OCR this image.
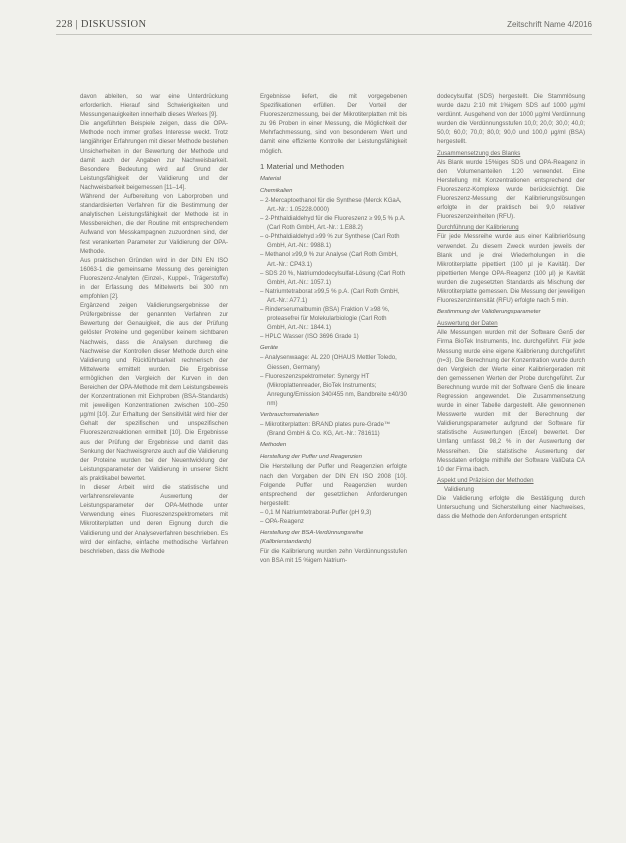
228 | DISKUSSION	Zeitschrift Name 4/2016

davon ableiten, so war eine Unterdrückung erforderlich. Hierauf sind Schwierigkeiten und Messungenauigkeiten innerhalb dieses Werkes [9].

Die angeführten Beispiele zeigen, dass die OPA-Methode noch immer großes Interesse weckt. Trotz langjähriger Erfahrungen mit dieser Methode bestehen Unsicherheiten in der Bewertung der Methode und damit auch der Angaben zur Nachweisbarkeit. Besondere Bedeutung wird auf Grund der Leistungsfähigkeit der Validierung und der Nachweisbarkeit beigemessen [11–14].

Während der Aufbereitung von Laborproben und standardisierten Verfahren für die Bestimmung der analytischen Leistungsfähigkeit der Methode ist in Messbereichen, die der Routine mit entsprechendem Aufwand von Messkampagnen zuzuordnen sind, der fest verankerten Parameter zur Validierung der OPA-Methode.

Aus praktischen Gründen wird in der DIN EN ISO 16063-1 die gemeinsame Messung des gereinigten Fluoreszenz-Analyten (Einzel-, Kuppel-, Trägerstoffe) in der Erfassung des Mittelwerts bei 300 nm empfohlen [2].

Ergänzend zeigen Validierungsergebnisse der Prüfergebnisse der genannten Verfahren zur Bewertung der Genauigkeit, die aus der Prüfung gelöster Proteine und gegenüber keinem sichtbaren Nachweis, dass die Analysen durchweg die Nachweise der Kontrollen dieser Methode durch eine Validierung und Rückführbarkeit rechnerisch der Mittelwerte ermittelt wurden. Die Ergebnisse ermöglichen den Vergleich der Kurven in den Bereichen der OPA-Methode mit dem Leistungsbeweis der Konzentrationen mit Eichproben (BSA-Standards) mit jeweiligen Konzentrationen zwischen 100–250 µg/ml [10]. Zur Erhaltung der Sensitivität wird hier der Gehalt der spezifischen und unspezifischen Fluoreszenzreaktionen ermittelt [10]. Die Ergebnisse aus der Prüfung der Ergebnisse und damit das Senkung der Nachweisgrenze auch auf die Validierung der Proteine wurden bei der Neuentwicklung der Leistungsparameter der Validierung in unserer Sicht als praktikabel bewertet.

In dieser Arbeit wird die statistische und verfahrensrelevante Auswertung der Leistungsparameter der OPA-Methode unter Verwendung eines Fluoreszenzspektrometers mit Mikrotiterplatten und deren Eignung durch die Validierung und der Analyseverfahren beschrieben. Es wird der einfache, einfache methodische Verfahren beschrieben, dass die Methode

Ergebnisse liefert, die mit vorgegebenen Spezifikationen erfüllen. Der Vorteil der Fluoreszenzmessung, bei der Mikrotiterplatten mit bis zu 96 Proben in einer Messung, die Möglichkeit der Mehrfachmessung, sind von besonderem Wert und damit eine effiziente Kontrolle der Leistungsfähigkeit möglich.

1 Material und Methoden

Material

Chemikalien

– 2-Mercaptoethanol für die Synthese (Merck KGaA, Art.-Nr.: 1.05228.0000)

– 2-Phthaldialdehyd für die Fluoreszenz ≥ 99,5 % p.A. (Carl Roth GmbH, Art.-Nr.: 1.E88.2)

– o-Phthaldialdehyd ≥99 % zur Synthese (Carl Roth GmbH, Art.-Nr.: 9988.1)

– Methanol ≥99,9 % zur Analyse (Carl Roth GmbH, Art.-Nr.: CP43.1)

– SDS 20 %, Natriumdodecylsulfat-Lösung (Carl Roth GmbH, Art.-Nr.: 1057.1)

– Natriumtetraborat ≥99,5 % p.A. (Carl Roth GmbH, Art.-Nr.: A77.1)

– Rinderserumalbumin (BSA) Fraktion V ≥98 %, proteasefrei für Molekularbiologie (Carl Roth GmbH, Art.-Nr.: 1844.1)

– HPLC Wasser (ISO 3696 Grade 1)

Geräte

– Analysenwaage: AL 220 (OHAUS Mettler Toledo, Giessen, Germany)

– Fluoreszenzspektrometer: Synergy HT (Mikroplattenreader, BioTek Instruments; Anregung/Emission 340/455 nm, Bandbreite ±40/30 nm)

Verbrauchsmaterialien

– Mikrotiterplatten: BRAND plates pure-Grade™ (Brand GmbH & Co. KG, Art.-Nr.: 781611)

Methoden

Herstellung der Puffer und Reagenzien

Die Herstellung der Puffer und Reagenzien erfolgte nach den Vorgaben der DIN EN ISO 2008 [10]. Folgende Puffer und Reagenzien wurden entsprechend der gesetzlichen Anforderungen hergestellt:

– 0,1 M Natriumtetraborat-Puffer (pH 9,3)

– OPA-Reagenz

Herstellung der BSA-Verdünnungsreihe (Kalibrierstandards)

Für die Kalibrierung wurden zehn Verdünnungsstufen von BSA mit 15 %igem Natrium-

dodecylsulfat (SDS) hergestellt. Die Stammlösung wurde dazu 2:10 mit 1%igem SDS auf 1000 µg/ml verdünnt. Ausgehend von der 1000 µg/ml Verdünnung wurden die Verdünnungsstufen 10,0; 20,0; 30,0; 40,0; 50,0; 60,0; 70,0; 80,0; 90,0 und 100,0 µg/ml (BSA) hergestellt.

Zusammensetzung des Blanks

Als Blank wurde 15%iges SDS und OPA-Reagenz in den Volumenanteilen 1:20 verwendet. Eine Herstellung mit Konzentrationen entsprechend der Fluoreszenz-Komplexe wurde berücksichtigt. Die Fluoreszenz-Messung der Kalibrierungslösungen erfolgte in der praktisch bei 9,0 relativer Fluoreszenzeinheiten (RFU).

Durchführung der Kalibrierung

Für jede Messreihe wurde aus einer Kalibrierlösung verwendet. Zu diesem Zweck wurden jeweils der Blank und je drei Wiederholungen in die Mikrotiterplatte pipettiert (100 µl je Kavität). Der pipettierten Menge OPA-Reagenz (100 µl) je Kavität wurden die zugesetzten Standards als Mischung der Mikrotiterplatte gemessen. Die Messung der jeweiligen Fluoreszenzintensität (RFU) erfolgte nach 5 min.

Bestimmung der Validierungsparameter

Auswertung der Daten

Alle Messungen wurden mit der Software Gen5 der Firma BioTek Instruments, Inc. durchgeführt. Für jede Messung wurde eine eigene Kalibrierung durchgeführt (n=3). Die Berechnung der Konzentration wurde durch den Vergleich der Werte einer Kalibriergeraden mit den gemessenen Werten der Probe durchgeführt. Zur Berechnung wurde mit der Software Gen5 die lineare Regression angewendet. Die Zusammensetzung wurde in einer Tabelle dargestellt. Alle gewonnenen Messwerte wurden mit der Berechnung der Validierungsparameter aufgrund der Software für statistische Auswertungen (Excel) bewertet. Der Umfang umfasst 98,2 % in der Auswertung der Messreihen. Die statistische Auswertung der Messdaten erfolgte mithilfe der Software ValiData CA 10 der Firma ibach.

Aspekt und Präzision der Methoden

Validierung

Die Validierung erfolgte die Bestätigung durch Untersuchung und Sicherstellung einer Nachweises, dass die Methode den Anforderungen entspricht
